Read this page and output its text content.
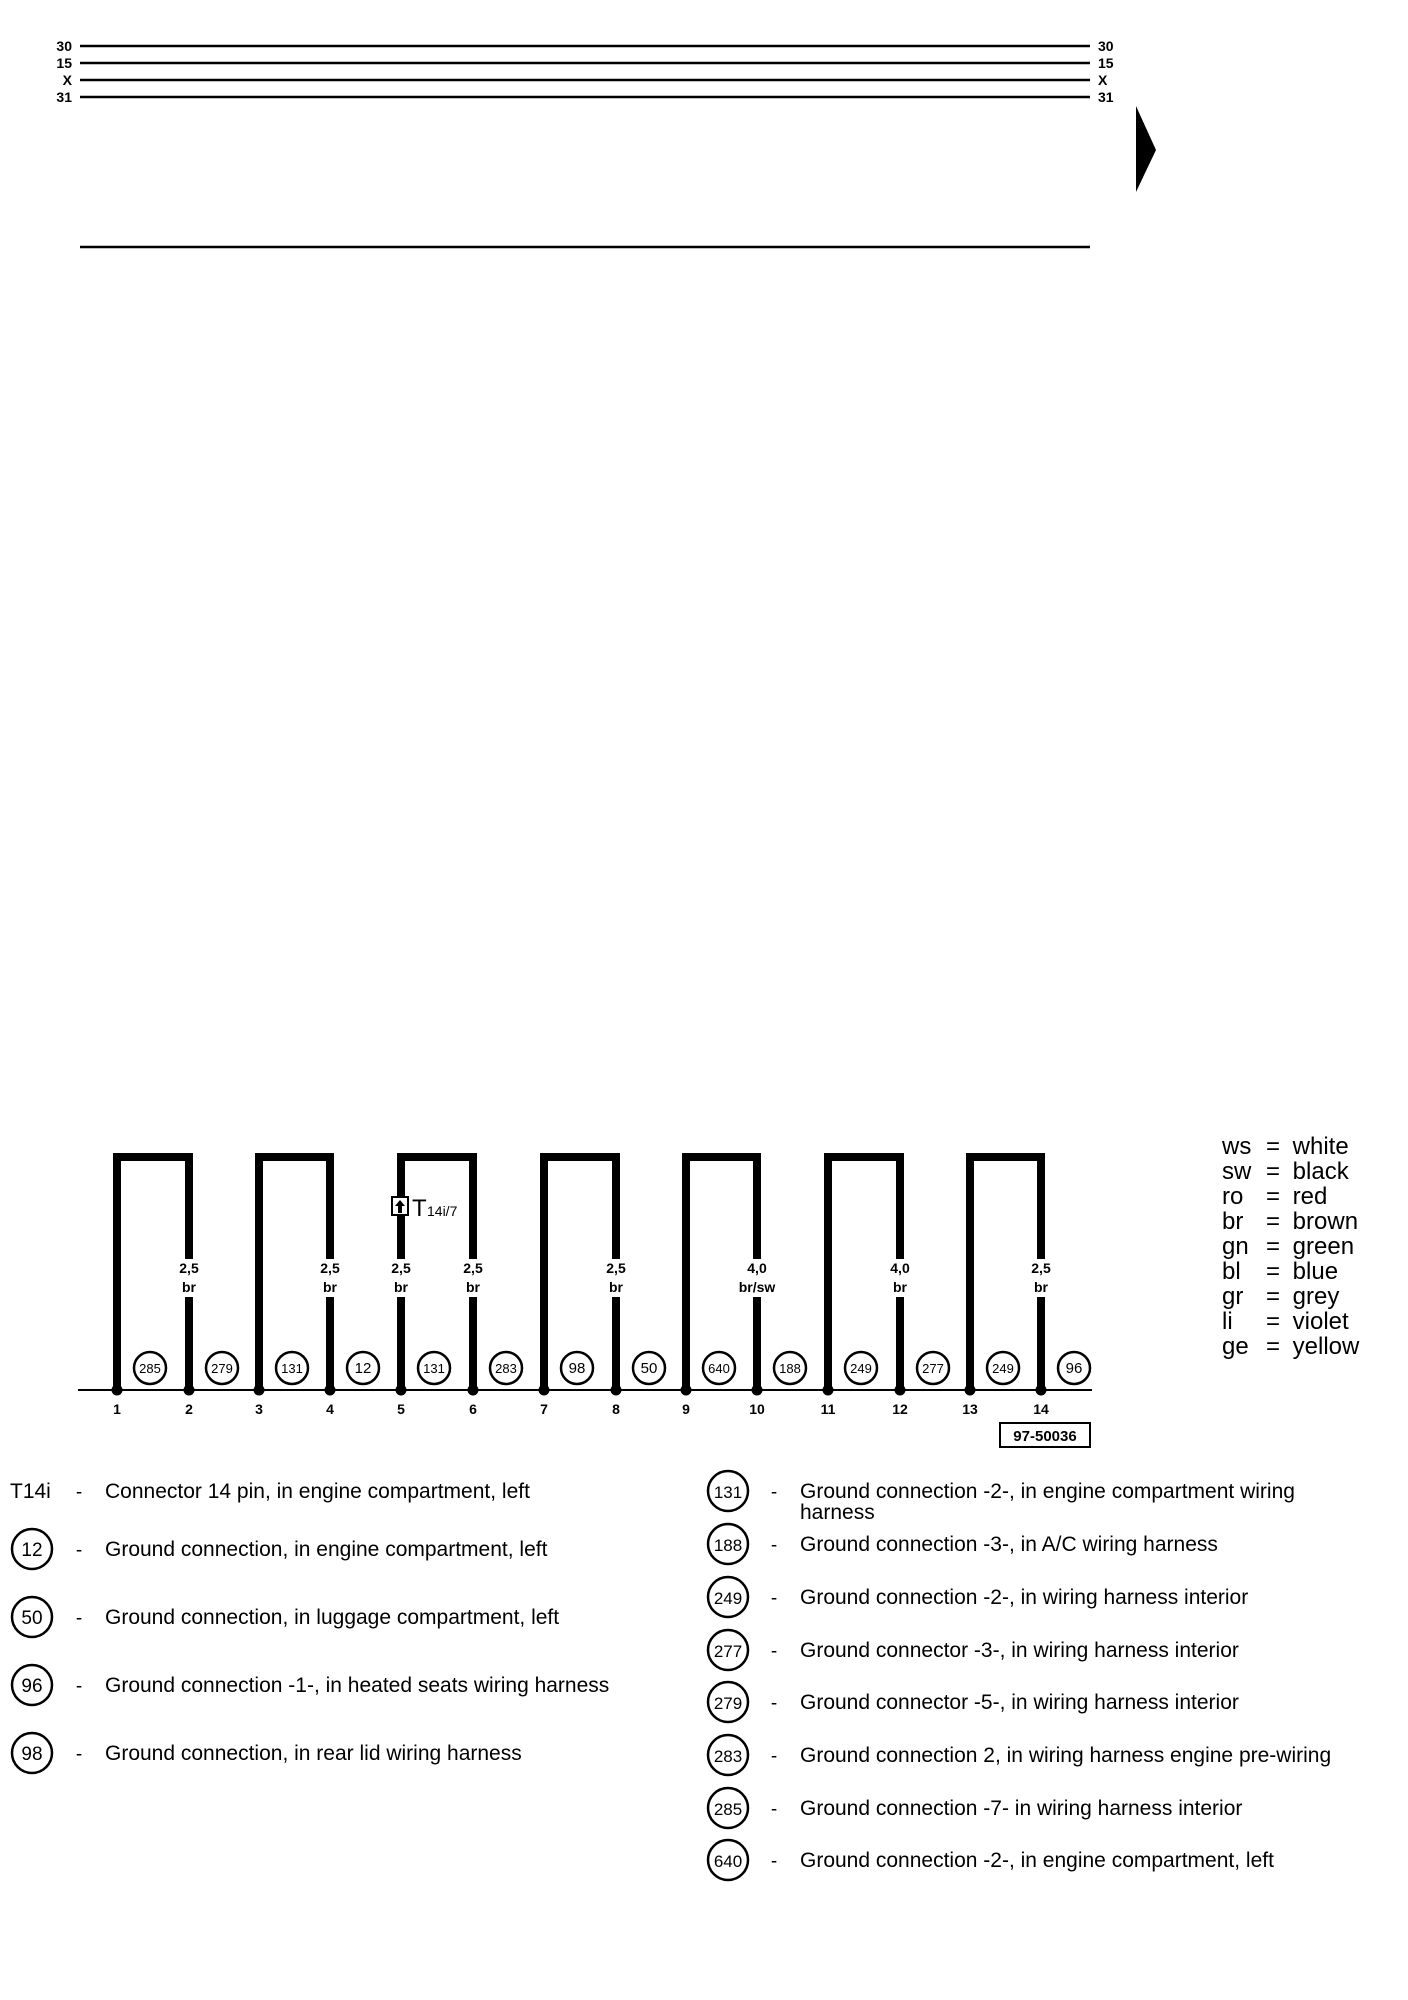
30	30
15	15
X	X
31	31
1
285
2
279
2,5
br
3
131
4
12
2,5
br
5
131
2,5
br
6
283
2,5
br
7
98
8
50
2,5
br
9
640
10
188
4,0
br/sw
11
249
12
277
4,0
br
13
249
14
96
2,5
br
T 14i/7
97-50036
T14i - Connector 14 pin, in engine compartment, left
12 - Ground connection, in engine compartment, left
50 - Ground connection, in luggage compartment, left
96 - Ground connection -1-, in heated seats wiring harness
98 - Ground connection, in rear lid wiring harness
131 - Ground connection -2-, in engine compartment wiring
harness
188 - Ground connection -3-, in A/C wiring harness
249 - Ground connection -2-, in wiring harness interior
277 - Ground connector -3-, in wiring harness interior
279 - Ground connector -5-, in wiring harness interior
283 - Ground connection 2, in wiring harness engine pre-wiring
285 - Ground connection -7- in wiring harness interior
640 - Ground connection -2-, in engine compartment, left
ws = white
sw = black
ro = red
br = brown
gn = green
bl = blue
gr = grey
li = violet
ge = yellow
